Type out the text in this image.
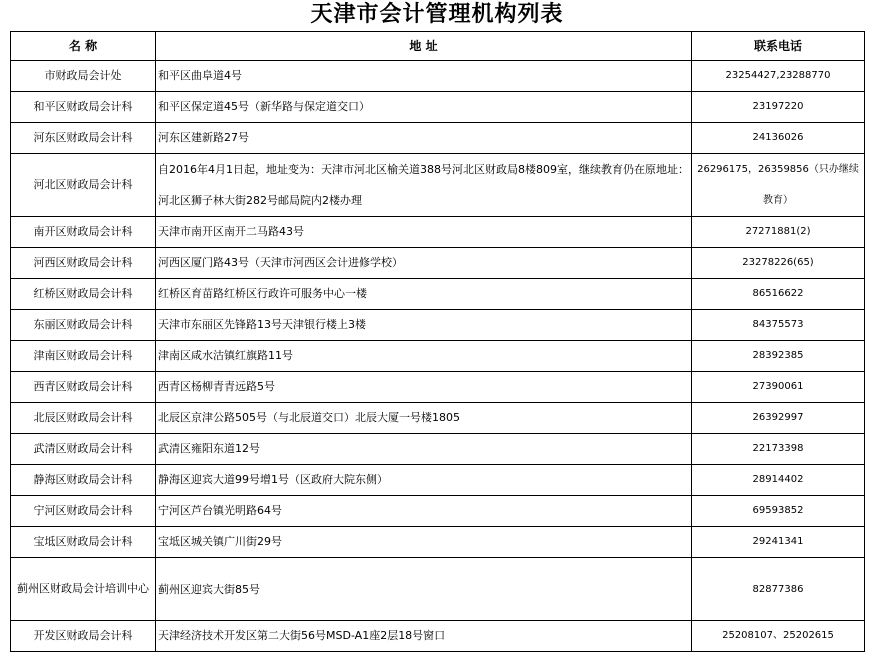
天津市会计管理机构列表
名 称	地 址	联系电话
市财政局会计处	和平区曲阜道4号	23254427,23288770
和平区财政局会计科	和平区保定道45号（新华路与保定道交口）	23197220
河东区财政局会计科	河东区建新路27号	24136026
河北区财政局会计科	自2016年4月1日起，地址变为：天津市河北区榆关道388号河北区财政局8楼809室，继续教育仍在原地址：河北区狮子林大街282号邮局院内2楼办理	26296175，26359856（只办继续教育）
南开区财政局会计科	天津市南开区南开二马路43号	27271881(2)
河西区财政局会计科	河西区厦门路43号（天津市河西区会计进修学校）	23278226(65)
红桥区财政局会计科	红桥区育苗路红桥区行政许可服务中心一楼	86516622
东丽区财政局会计科	天津市东丽区先锋路13号天津银行楼上3楼	84375573
津南区财政局会计科	津南区咸水沽镇红旗路11号	28392385
西青区财政局会计科	西青区杨柳青青远路5号	27390061
北辰区财政局会计科	北辰区京津公路505号（与北辰道交口）北辰大厦一号楼1805	26392997
武清区财政局会计科	武清区雍阳东道12号	22173398
静海区财政局会计科	静海区迎宾大道99号增1号（区政府大院东侧）	28914402
宁河区财政局会计科	宁河区芦台镇光明路64号	69593852
宝坻区财政局会计科	宝坻区城关镇广川街29号	29241341
蓟州区财政局会计培训中心	蓟州区迎宾大街85号	82877386
开发区财政局会计科	天津经济技术开发区第二大街56号MSD-A1座2层18号窗口	25208107、25202615
